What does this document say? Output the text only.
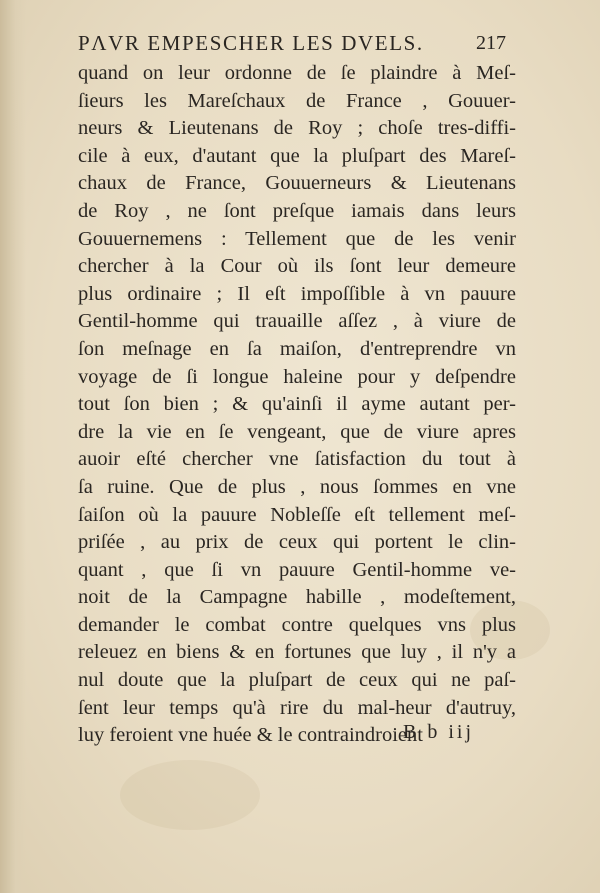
PɅVR EMPESCHER LES DVELS.	217
quand on leur ordonne de ſe plaindre à Meſ-
ſieurs les Mareſchaux de France , Gouuer-
neurs & Lieutenans de Roy ; choſe tres-diffi-
cile à eux, d'autant que la pluſpart des Mareſ-
chaux de France, Gouuerneurs & Lieutenans
de Roy , ne ſont preſque iamais dans leurs
Gouuernemens : Tellement que de les venir
chercher à la Cour où ils ſont leur demeure
plus ordinaire ; Il eſt impoſſible à vn pauure
Gentil-homme qui trauaille aſſez , à viure de
ſon meſnage en ſa maiſon, d'entreprendre vn
voyage de ſi longue haleine pour y deſpendre
tout ſon bien ; & qu'ainſi il ayme autant per-
dre la vie en ſe vengeant, que de viure apres
auoir eſté chercher vne ſatisfaction du tout à
ſa ruine. Que de plus , nous ſommes en vne
ſaiſon où la pauure Nobleſſe eſt tellement meſ-
priſée , au prix de ceux qui portent le clin-
quant , que ſi vn pauure Gentil-homme ve-
noit de la Campagne habille , modeſtement,
demander le combat contre quelques vns plus
releuez en biens & en fortunes que luy , il n'y a
nul doute que la pluſpart de ceux qui ne paſ-
ſent leur temps qu'à rire du mal-heur d'autruy,
luy feroient vne huée & le contraindroient
B b iij
